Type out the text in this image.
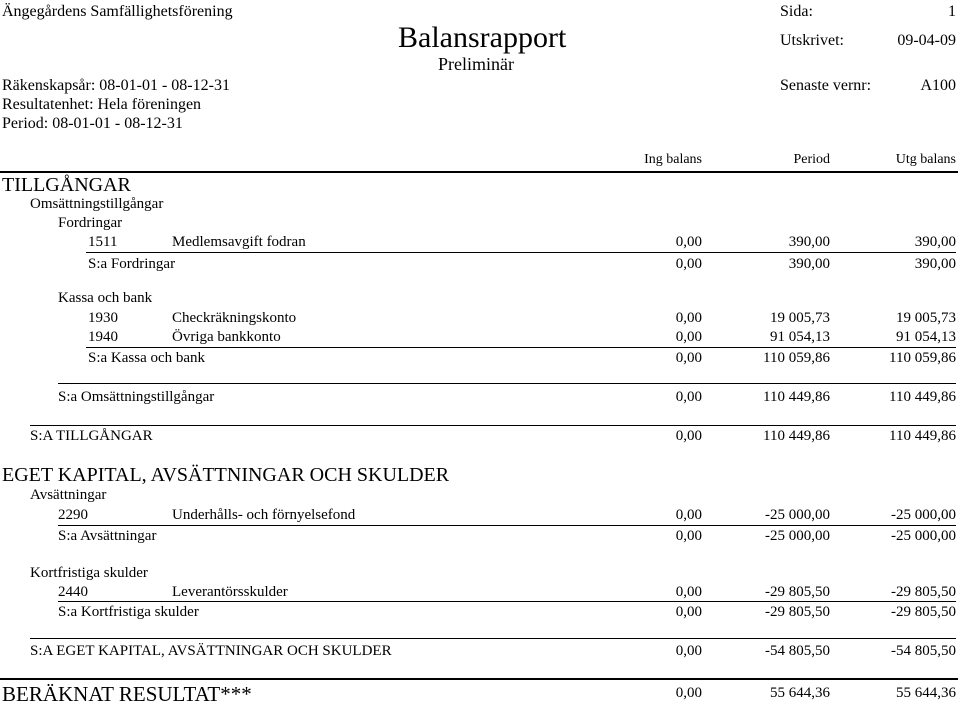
Ängegårdens Samfällighetsförening	Sida:	1
Balansrapport	Utskrivet:	09-04-09
Preliminär
Räkenskapsår: 08-01-01 - 08-12-31	Senaste vernr:	A100
Resultatenhet: Hela föreningen
Period: 08-01-01 - 08-12-31
Ing balans	Period	Utg balans
TILLGÅNGAR
Omsättningstillgångar
Fordringar
1511	Medlemsavgift fodran	0,00	390,00	390,00
S:a Fordringar	0,00	390,00	390,00
Kassa och bank
1930	Checkräkningskonto	0,00	19 005,73	19 005,73
1940	Övriga bankkonto	0,00	91 054,13	91 054,13
S:a Kassa och bank	0,00	110 059,86	110 059,86
S:a Omsättningstillgångar	0,00	110 449,86	110 449,86
S:A TILLGÅNGAR	0,00	110 449,86	110 449,86
EGET KAPITAL, AVSÄTTNINGAR OCH SKULDER
Avsättningar
2290	Underhålls- och förnyelsefond	0,00	-25 000,00	-25 000,00
S:a Avsättningar	0,00	-25 000,00	-25 000,00
Kortfristiga skulder
2440	Leverantörsskulder	0,00	-29 805,50	-29 805,50
S:a Kortfristiga skulder	0,00	-29 805,50	-29 805,50
S:A EGET KAPITAL, AVSÄTTNINGAR OCH SKULDER	0,00	-54 805,50	-54 805,50
BERÄKNAT RESULTAT***	0,00	55 644,36	55 644,36
